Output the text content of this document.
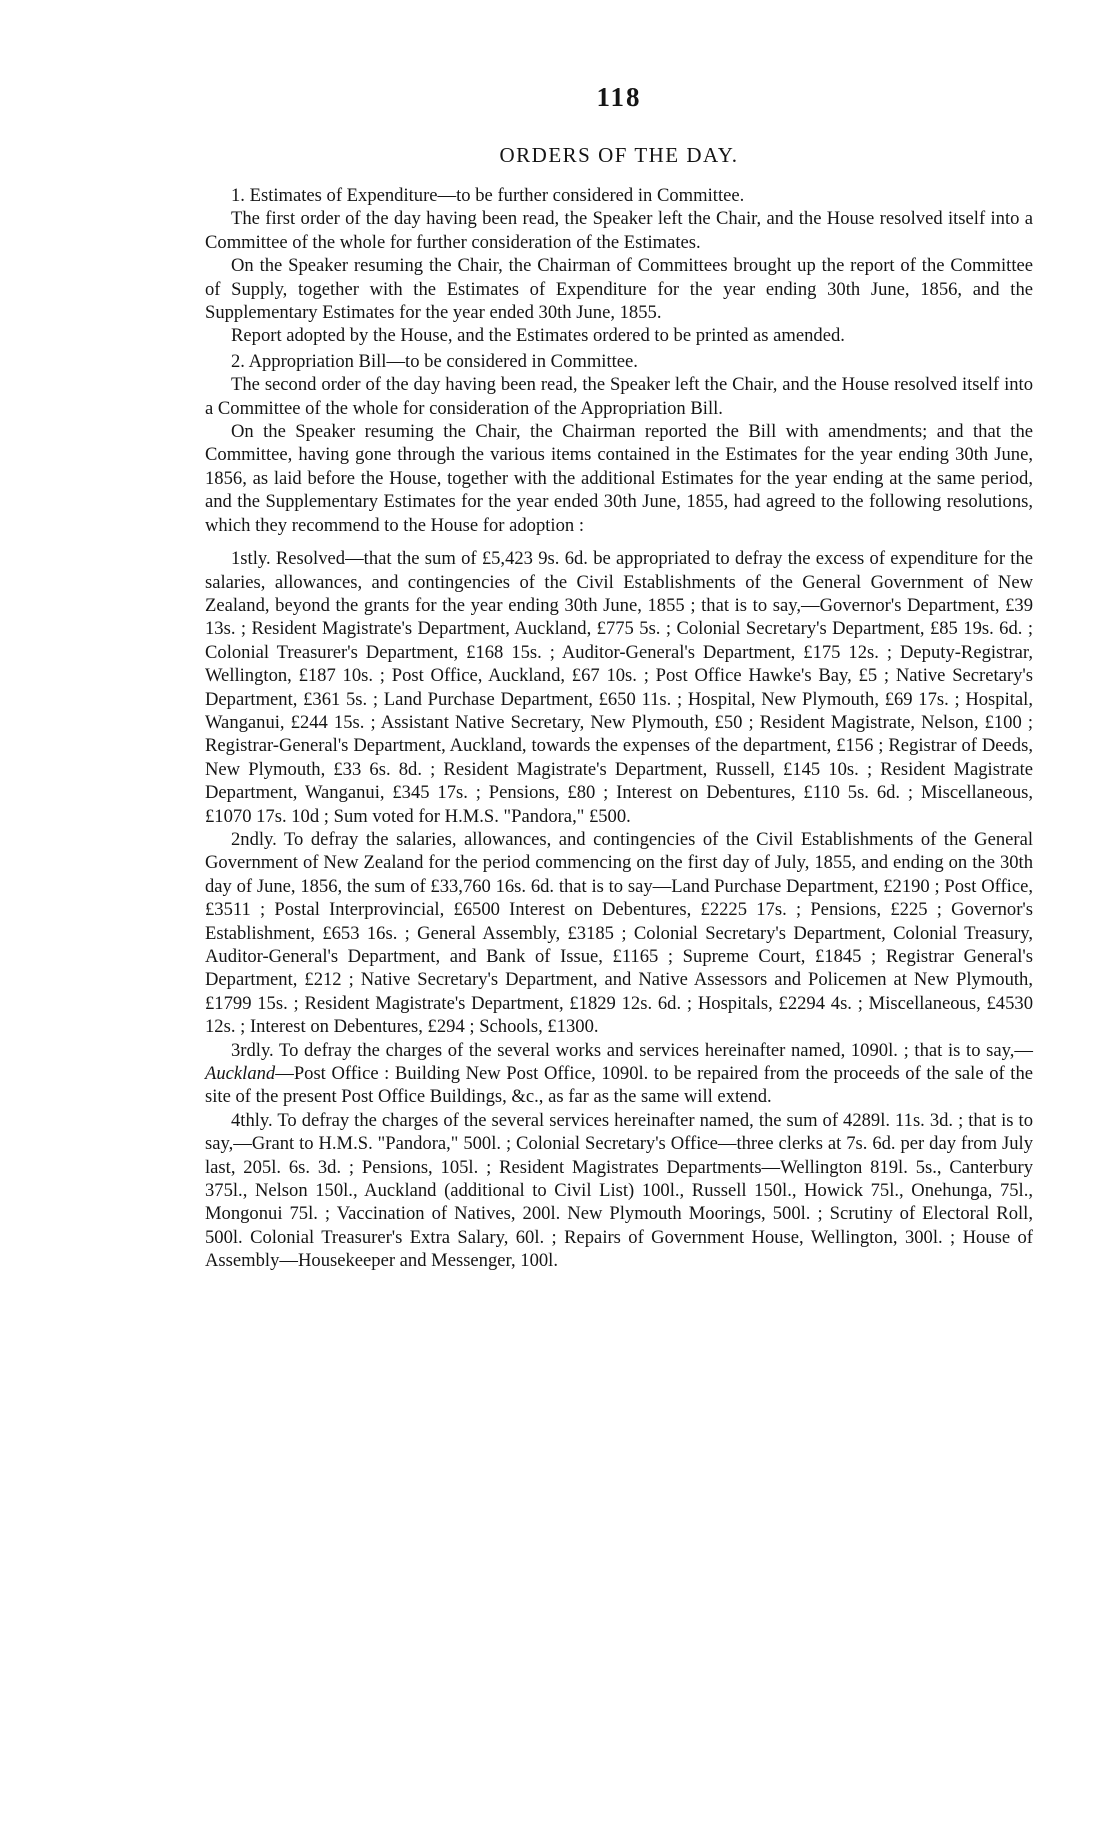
118
ORDERS OF THE DAY.

1. Estimates of Expenditure—to be further considered in Committee.

The first order of the day having been read, the Speaker left the Chair, and the House resolved itself into a Committee of the whole for further consideration of the Estimates.

On the Speaker resuming the Chair, the Chairman of Committees brought up the report of the Committee of Supply, together with the Estimates of Expenditure for the year ending 30th June, 1856, and the Supplementary Estimates for the year ended 30th June, 1855.

Report adopted by the House, and the Estimates ordered to be printed as amended.

2. Appropriation Bill—to be considered in Committee.

The second order of the day having been read, the Speaker left the Chair, and the House resolved itself into a Committee of the whole for consideration of the Appropriation Bill.

On the Speaker resuming the Chair, the Chairman reported the Bill with amendments; and that the Committee, having gone through the various items contained in the Estimates for the year ending 30th June, 1856, as laid before the House, together with the additional Estimates for the year ending at the same period, and the Supplementary Estimates for the year ended 30th June, 1855, had agreed to the following resolutions, which they recommend to the House for adoption :

1stly. Resolved—that the sum of £5,423 9s. 6d. be appropriated to defray the excess of expenditure for the salaries, allowances, and contingencies of the Civil Establishments of the General Government of New Zealand, beyond the grants for the year ending 30th June, 1855 ; that is to say,—Governor's Department, £39 13s. ; Resident Magistrate's Department, Auckland, £775 5s. ; Colonial Secretary's Department, £85 19s. 6d. ; Colonial Treasurer's Department, £168 15s. ; Auditor-General's Department, £175 12s. ; Deputy-Registrar, Wellington, £187 10s. ; Post Office, Auckland, £67 10s. ; Post Office Hawke's Bay, £5 ; Native Secretary's Department, £361 5s. ; Land Purchase Department, £650 11s. ; Hospital, New Plymouth, £69 17s. ; Hospital, Wanganui, £244 15s. ; Assistant Native Secretary, New Plymouth, £50 ; Resident Magistrate, Nelson, £100 ; Registrar-General's Department, Auckland, towards the expenses of the department, £156 ; Registrar of Deeds, New Plymouth, £33 6s. 8d. ; Resident Magistrate's Department, Russell, £145 10s. ; Resident Magistrate Department, Wanganui, £345 17s. ; Pensions, £80 ; Interest on Debentures, £110 5s. 6d. ; Miscellaneous, £1070 17s. 10d ; Sum voted for H.M.S. "Pandora," £500.

2ndly. To defray the salaries, allowances, and contingencies of the Civil Establishments of the General Government of New Zealand for the period commencing on the first day of July, 1855, and ending on the 30th day of June, 1856, the sum of £33,760 16s. 6d. that is to say—Land Purchase Department, £2190 ; Post Office, £3511 ; Postal Interprovincial, £6500 Interest on Debentures, £2225 17s. ; Pensions, £225 ; Governor's Establishment, £653 16s. ; General Assembly, £3185 ; Colonial Secretary's Department, Colonial Treasury, Auditor-General's Department, and Bank of Issue, £1165 ; Supreme Court, £1845 ; Registrar General's Department, £212 ; Native Secretary's Department, and Native Assessors and Policemen at New Plymouth, £1799 15s. ; Resident Magistrate's Department, £1829 12s. 6d. ; Hospitals, £2294 4s. ; Miscellaneous, £4530 12s. ; Interest on Debentures, £294 ; Schools, £1300.

3rdly. To defray the charges of the several works and services hereinafter named, 1090l. ; that is to say,—Auckland—Post Office : Building New Post Office, 1090l. to be repaired from the proceeds of the sale of the site of the present Post Office Buildings, &c., as far as the same will extend.

4thly. To defray the charges of the several services hereinafter named, the sum of 4289l. 11s. 3d. ; that is to say,—Grant to H.M.S. "Pandora," 500l. ; Colonial Secretary's Office—three clerks at 7s. 6d. per day from July last, 205l. 6s. 3d. ; Pensions, 105l. ; Resident Magistrates Departments—Wellington 819l. 5s., Canterbury 375l., Nelson 150l., Auckland (additional to Civil List) 100l., Russell 150l., Howick 75l., Onehunga, 75l., Mongonui 75l. ; Vaccination of Natives, 200l. New Plymouth Moorings, 500l. ; Scrutiny of Electoral Roll, 500l. Colonial Treasurer's Extra Salary, 60l. ; Repairs of Government House, Wellington, 300l. ; House of Assembly—Housekeeper and Messenger, 100l.
